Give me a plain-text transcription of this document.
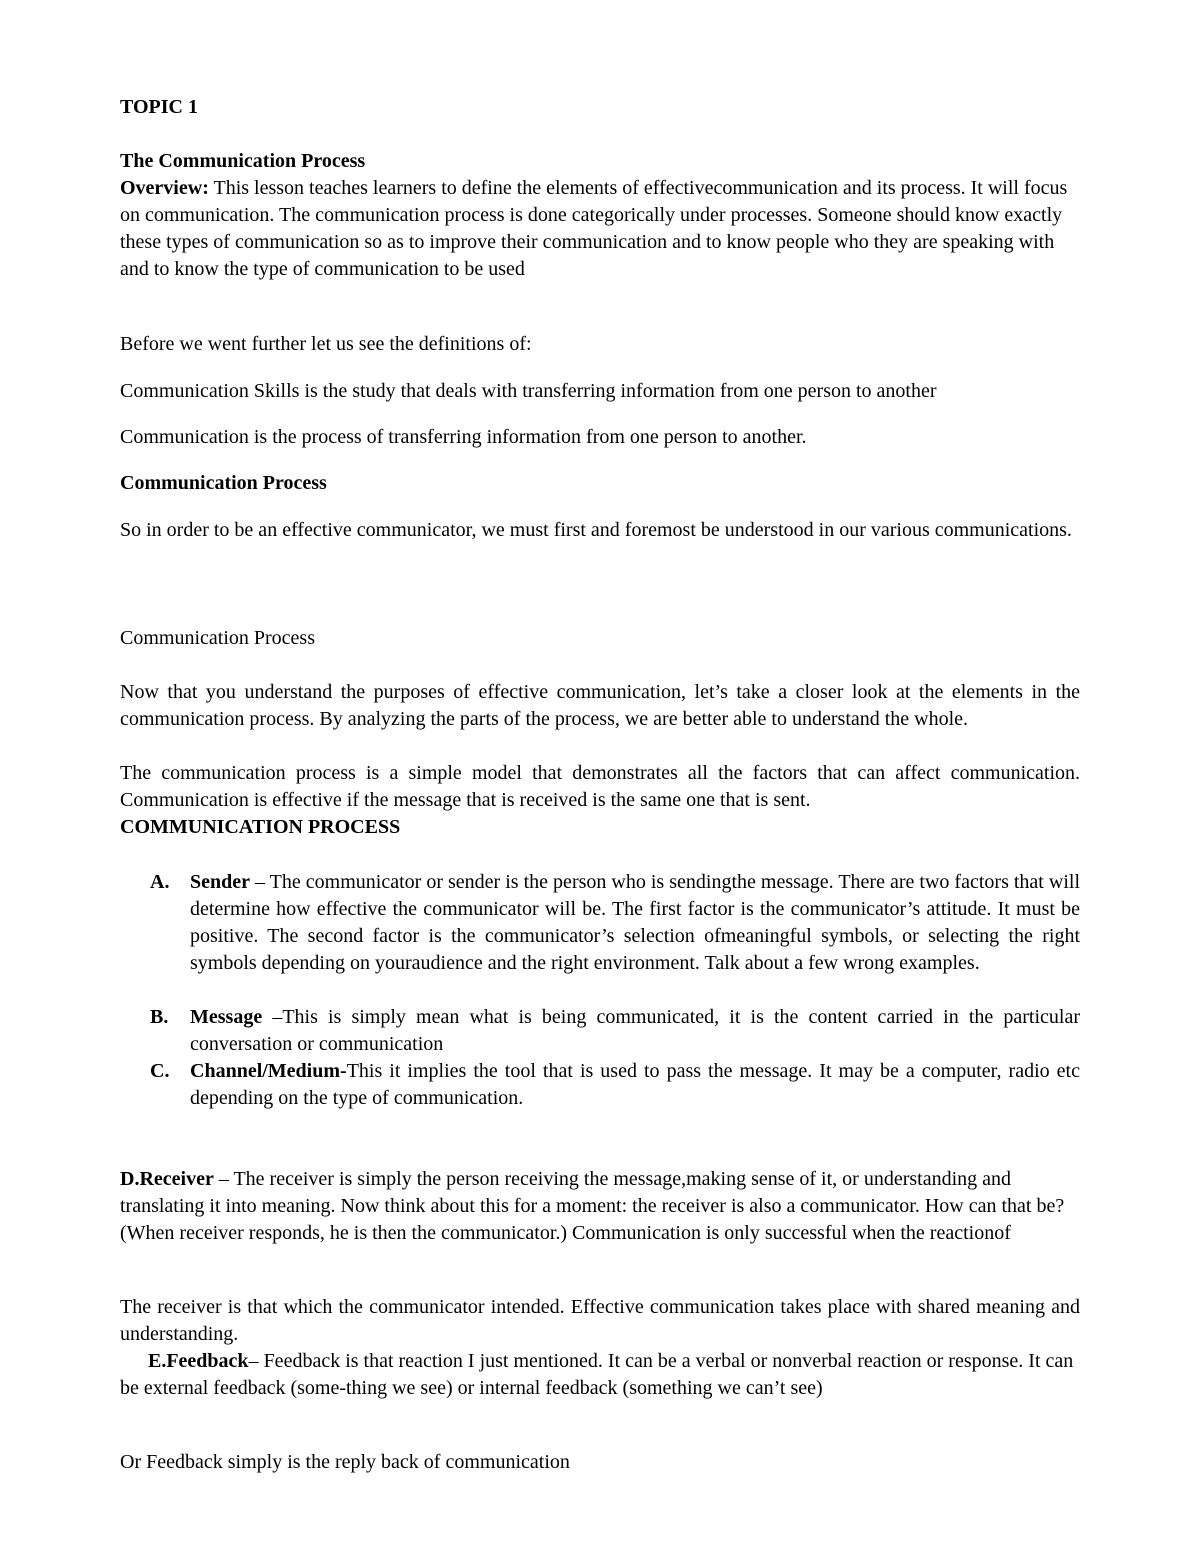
TOPIC 1
The Communication Process
Overview: This lesson teaches learners to define the elements of effectivecommunication and its process. It will focus on communication. The communication process is done categorically under processes. Someone should know exactly these types of communication so as to improve their communication and to know people who they are speaking with and to know the type of communication to be used
Before we went further let us see the definitions of:
Communication Skills is the study that deals with transferring information from one person to another
Communication is the process of transferring information from one person to another.
Communication Process
So in order to be an effective communicator, we must first and foremost be understood in our various communications.
Communication Process
Now that you understand the purposes of effective communication, let’s take a closer look at the elements in the communication process. By analyzing the parts of the process, we are better able to understand the whole.
The communication process is a simple model that demonstrates all the factors that can affect communication. Communication is effective if the message that is received is the same one that is sent.
COMMUNICATION PROCESS
A.	Sender – The communicator or sender is the person who is sendingthe message. There are two factors that will determine how effective the communicator will be. The first factor is the communicator’s attitude. It must be positive. The second factor is the communicator’s selection ofmeaningful symbols, or selecting the right symbols depending on youraudience and the right environment. Talk about a few wrong examples.
B.	Message –This is simply mean what is being communicated, it is the content carried in the particular conversation or communication
C.	Channel/Medium-This it implies the tool that is used to pass the message. It may be a computer, radio etc depending on the type of communication.
D.Receiver – The receiver is simply the person receiving the message,making sense of it, or understanding and translating it into meaning. Now think about this for a moment: the receiver is also a communicator. How can that be? (When receiver responds, he is then the communicator.) Communication is only successful when the reactionof
The receiver is that which the communicator intended. Effective communication takes place with shared meaning and understanding.
E.Feedback– Feedback is that reaction I just mentioned. It can be a verbal or nonverbal reaction or response. It can be external feedback (some-thing we see) or internal feedback (something we can’t see)
Or Feedback simply is the reply back of communication
